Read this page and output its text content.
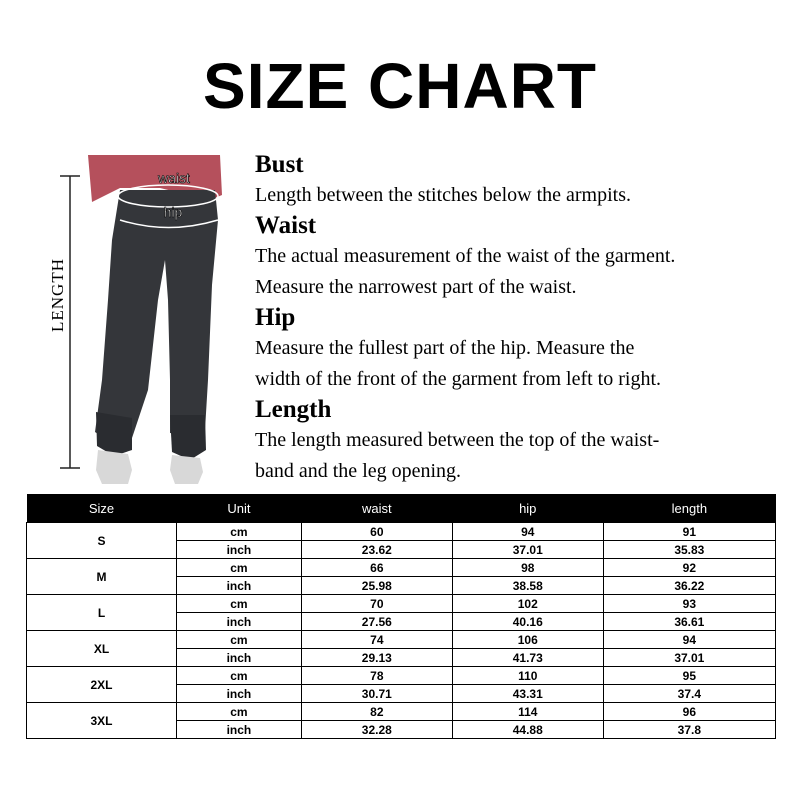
SIZE CHART
waist
hip
LENGTH

Bust

Length between the stitches below the armpits.

Waist

The actual measurement of the waist of the garment.

Measure the narrowest part of the waist.

Hip

Measure the fullest part of the hip. Measure the

width of the front of the garment from left to right.

Length

The length measured between the top of the waist-

band and the leg opening.

Size	Unit	waist	hip	length
S	cm	60	94	91
	inch	23.62	37.01	35.83
M	cm	66	98	92
	inch	25.98	38.58	36.22
L	cm	70	102	93
	inch	27.56	40.16	36.61
XL	cm	74	106	94
	inch	29.13	41.73	37.01
2XL	cm	78	110	95
	inch	30.71	43.31	37.4
3XL	cm	82	114	96
	inch	32.28	44.88	37.8
